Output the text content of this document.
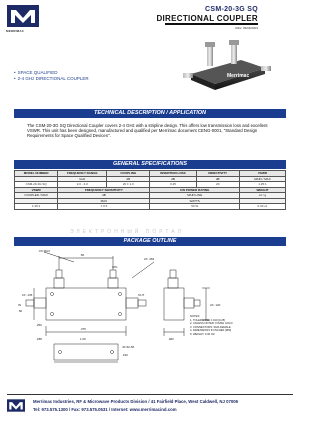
MERRIMAC
CSM-20-3G SQ
DIRECTIONAL COUPLER
REV. 06/06/2003
• SPACE QUALIFIED
• 2-4 GHz DIRECTIONAL COUPLER	Merrimac
TECHNICAL DESCRIPTION / APPLICATION

The CSM-20-3G SQ Directional Coupler covers 2-4 GHz with a stripline design. This offers low transmission loss and excellent VSWR. This unit has been designed, manufactured and qualified per Merrimac document CENG-0001, "Standard Design Requirements for Space Qualified Devices".

GENERAL SPECIFICATIONS
MODEL NUMBER	FREQUENCY RANGE	COUPLING	INSERTION LOSS	DIRECTIVITY	VSWR
	GHz	dB	dB	dB	MAIN / MAX
CSM-20-3G SQ	2.0 - 4.0	20 ± 1.0	0.25	20	1.25:1
VSWR	FREQUENCY SENSITIVITY		CW POWER RATING		WEIGHT
COUPLED / MAX	dB		MAIN LINE		oz / g
	MAX		WATTS		
1.25:1	± 0.5		50 W		0.30 oz
ЭЛЕКТРОННЫЙ ПОРТАЛ
PACKAGE OUTLINE
.XX MAX
2X .135
.50
.375
.250
.188	1.00
2X .281
.062
2X .120
.50
4X #2-56
.190
OUT
IN
CPL
NOTES:
1. TOLERANCE: ±.010 [0.25]
2. UNLESS NOTED: FINISH GOLD
3. CONNECTORS: SMA FEMALE
4. DIMENSIONS IN INCHES [MM]
5. WEIGHT: 0.30 OZ
Merrimac Industries, RF & Microwave Products Division / 41 Fairfield Place, West Caldwell, NJ 07006
Tel: 973.575.1300 / Fax: 973.575.0531 / Internet: www.merrimacind.com
